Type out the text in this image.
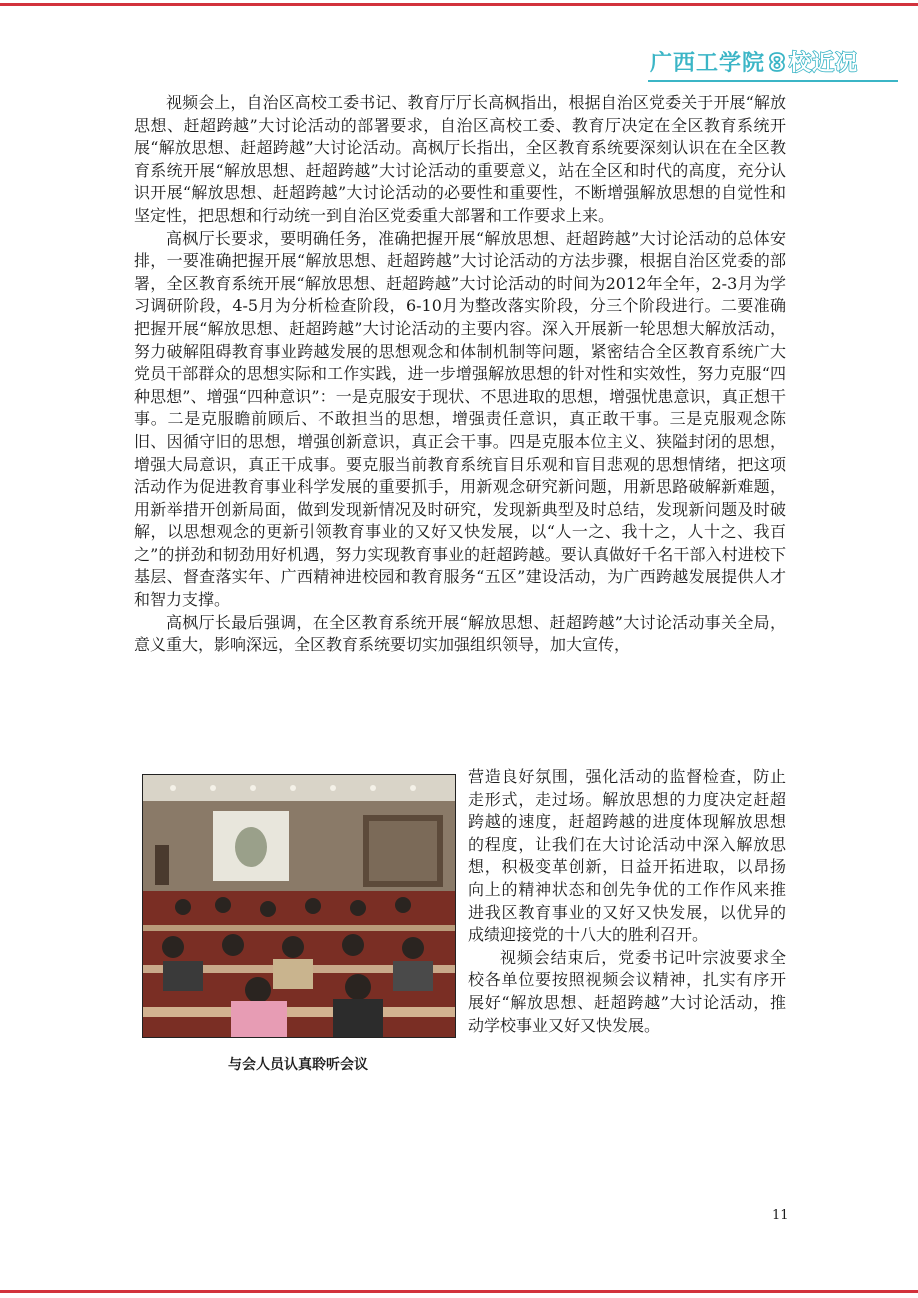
广西工学院 校近况

视频会上，自治区高校工委书记、教育厅厅长高枫指出，根据自治区党委关于开展“解放思想、赶超跨越”大讨论活动的部署要求，自治区高校工委、教育厅决定在全区教育系统开展“解放思想、赶超跨越”大讨论活动。高枫厅长指出，全区教育系统要深刻认识在在全区教育系统开展“解放思想、赶超跨越”大讨论活动的重要意义，站在全区和时代的高度，充分认识开展“解放思想、赶超跨越”大讨论活动的必要性和重要性，不断增强解放思想的自觉性和坚定性，把思想和行动统一到自治区党委重大部署和工作要求上来。

高枫厅长要求，要明确任务，准确把握开展“解放思想、赶超跨越”大讨论活动的总体安排，一要准确把握开展“解放思想、赶超跨越”大讨论活动的方法步骤，根据自治区党委的部署，全区教育系统开展“解放思想、赶超跨越”大讨论活动的时间为2012年全年，2-3月为学习调研阶段，4-5月为分析检查阶段，6-10月为整改落实阶段，分三个阶段进行。二要准确把握开展“解放思想、赶超跨越”大讨论活动的主要内容。深入开展新一轮思想大解放活动，努力破解阻碍教育事业跨越发展的思想观念和体制机制等问题，紧密结合全区教育系统广大党员干部群众的思想实际和工作实践，进一步增强解放思想的针对性和实效性，努力克服“四种思想”、增强“四种意识”：一是克服安于现状、不思进取的思想，增强忧患意识，真正想干事。二是克服瞻前顾后、不敢担当的思想，增强责任意识，真正敢干事。三是克服观念陈旧、因循守旧的思想，增强创新意识，真正会干事。四是克服本位主义、狭隘封闭的思想，增强大局意识，真正干成事。要克服当前教育系统盲目乐观和盲目悲观的思想情绪，把这项活动作为促进教育事业科学发展的重要抓手，用新观念研究新问题，用新思路破解新难题，用新举措开创新局面，做到发现新情况及时研究，发现新典型及时总结，发现新问题及时破解，以思想观念的更新引领教育事业的又好又快发展，以“人一之、我十之，人十之、我百之”的拼劲和韧劲用好机遇，努力实现教育事业的赶超跨越。要认真做好千名干部入村进校下基层、督查落实年、广西精神进校园和教育服务“五区”建设活动，为广西跨越发展提供人才和智力支撑。

高枫厅长最后强调，在全区教育系统开展“解放思想、赶超跨越”大讨论活动事关全局，意义重大，影响深远，全区教育系统要切实加强组织领导，加大宣传，

与会人员认真聆听会议

营造良好氛围，强化活动的监督检查，防止走形式，走过场。解放思想的力度决定赶超跨越的速度，赶超跨越的进度体现解放思想的程度，让我们在大讨论活动中深入解放思想，积极变革创新，日益开拓进取，以昂扬向上的精神状态和创先争优的工作作风来推进我区教育事业的又好又快发展，以优异的成绩迎接党的十八大的胜利召开。

视频会结束后，党委书记叶宗波要求全校各单位要按照视频会议精神，扎实有序开展好“解放思想、赶超跨越”大讨论活动，推动学校事业又好又快发展。

11
